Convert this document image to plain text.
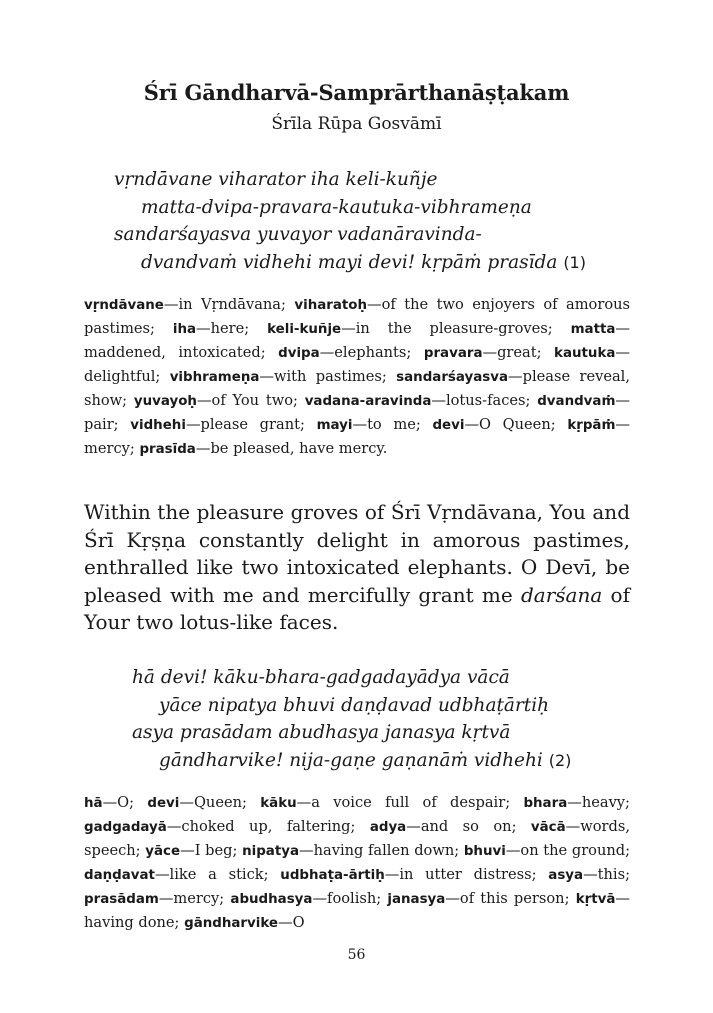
Śrī Gāndharvā-Samprārthanāṣṭakam
Śrīla Rūpa Gosvāmī
vṛndāvane viharator iha keli-kuñje
matta-dvipa-pravara-kautuka-vibhrameṇa
sandarśayasva yuvayor vadanāravinda-
dvandvaṁ vidhehi mayi devi! kṛpāṁ prasīda (1)
vṛndāvane—in Vṛndāvana; viharatoḥ—of the two enjoyers of amorous pastimes; iha—here; keli-kuñje—in the pleasure-groves; matta—maddened, intoxicated; dvipa—elephants; pravara—great; kautuka—delightful; vibhrameṇa—with pastimes; sandarśayasva—please reveal, show; yuvayoḥ—of You two; vadana-aravinda—lotus-faces; dvandvaṁ—pair; vidhehi—please grant; mayi—to me; devi—O Queen; kṛpāṁ—mercy; prasīda—be pleased, have mercy.
Within the pleasure groves of Śrī Vṛndāvana, You and Śrī Kṛṣṇa constantly delight in amorous pastimes, enthralled like two intoxicated elephants. O Devī, be pleased with me and mercifully grant me darśana of Your two lotus-like faces.
hā devi! kāku-bhara-gadgadayādya vācā
yāce nipatya bhuvi daṇḍavad udbhaṭārtiḥ
asya prasādam abudhasya janasya kṛtvā
gāndharvike! nija-gaṇe gaṇanāṁ vidhehi (2)
hā—O; devi—Queen; kāku—a voice full of despair; bhara—heavy; gadgadayā—choked up, faltering; adya—and so on; vācā—words, speech; yāce—I beg; nipatya—having fallen down; bhuvi—on the ground; daṇḍavat—like a stick; udbhaṭa-ārtiḥ—in utter distress; asya—this; prasādam—mercy; abudhasya—foolish; janasya—of this person; kṛtvā—having done; gāndharvike—O
56
